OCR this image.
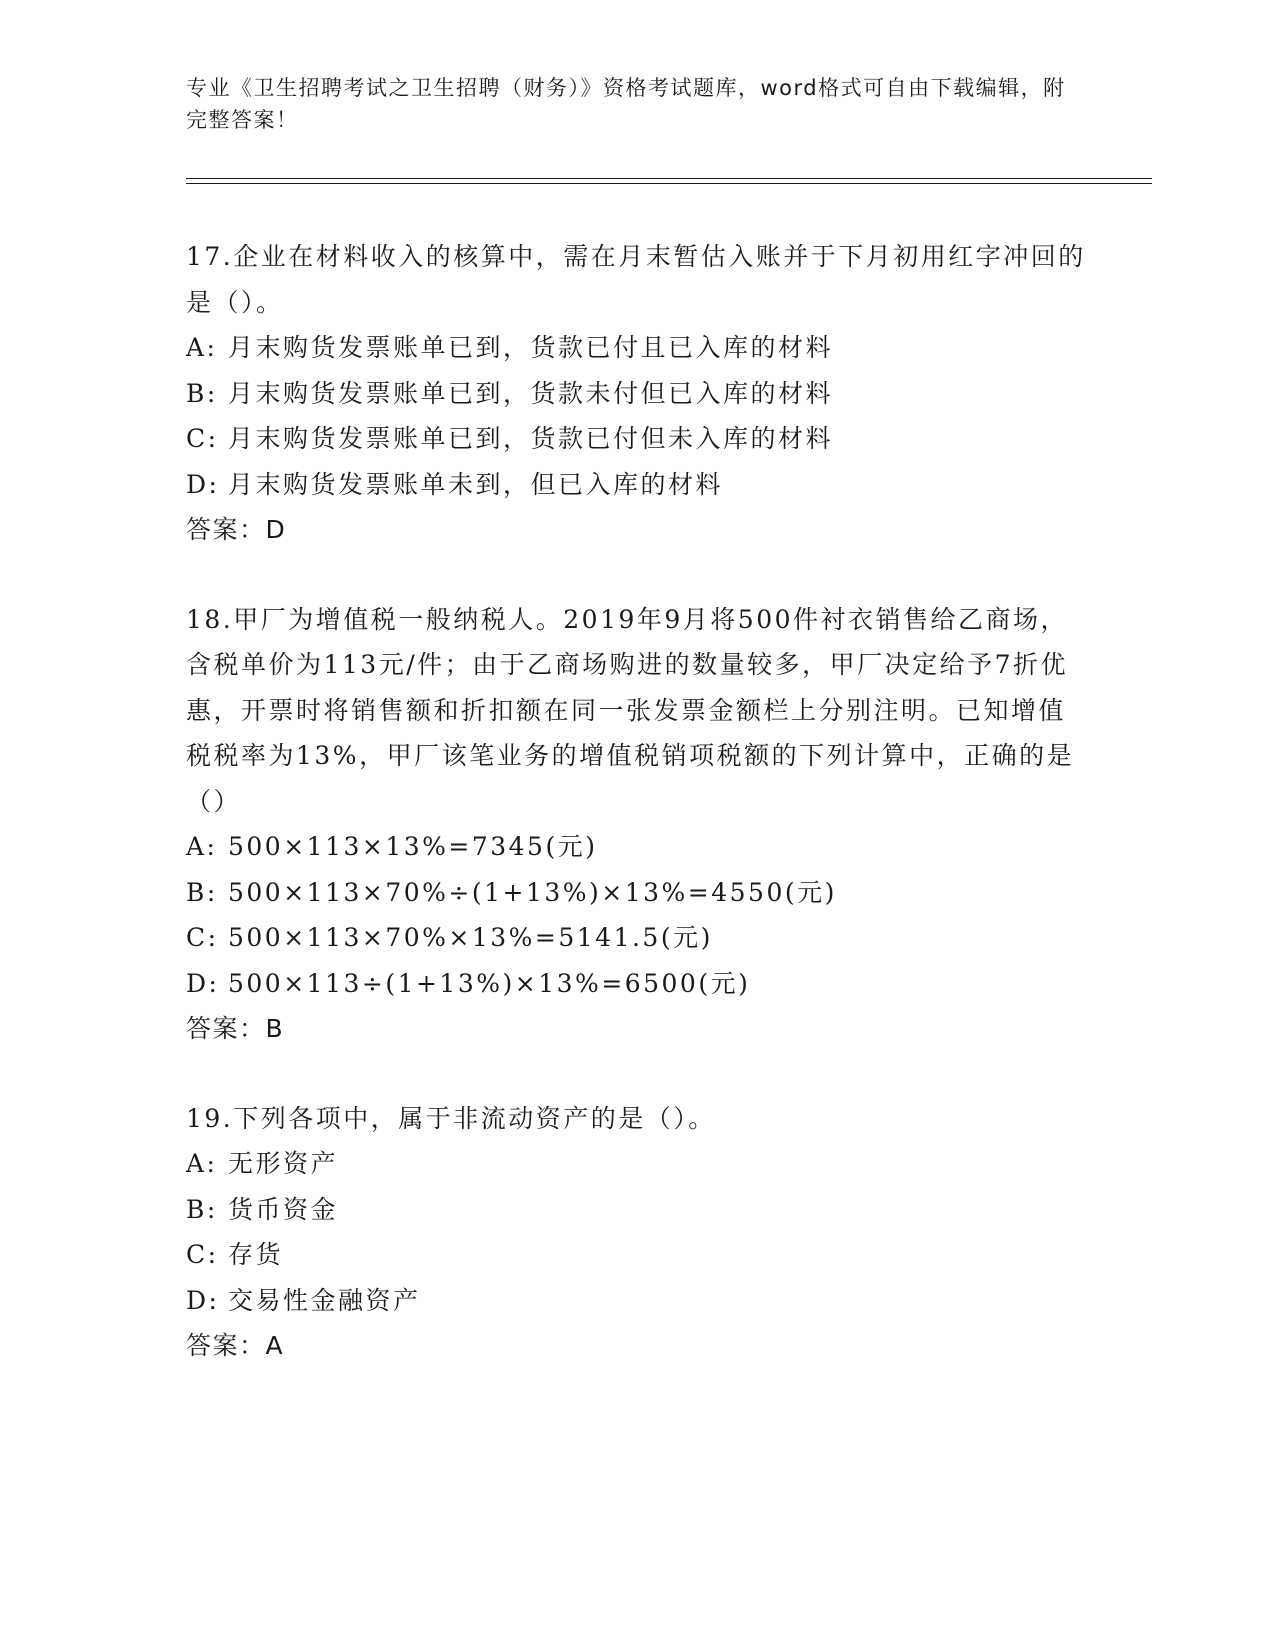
专业《卫生招聘考试之卫生招聘（财务）》资格考试题库，word格式可自由下载编辑，附完整答案！

17.企业在材料收入的核算中，需在月末暂估入账并于下月初用红字冲回的是（）。

A: 月末购货发票账单已到，货款已付且已入库的材料

B: 月末购货发票账单已到，货款未付但已入库的材料

C: 月末购货发票账单已到，货款已付但未入库的材料

D: 月末购货发票账单未到，但已入库的材料

答案：D

18.甲厂为增值税一般纳税人。2019年9月将500件衬衣销售给乙商场，含税单价为113元/件；由于乙商场购进的数量较多，甲厂决定给予7折优惠，开票时将销售额和折扣额在同一张发票金额栏上分别注明。已知增值税税率为13%，甲厂该笔业务的增值税销项税额的下列计算中，正确的是（）

A: 500×113×13%=7345(元)

B: 500×113×70%÷(1+13%)×13%=4550(元)

C: 500×113×70%×13%=5141.5(元)

D: 500×113÷(1+13%)×13%=6500(元)

答案：B

19.下列各项中，属于非流动资产的是（）。

A: 无形资产

B: 货币资金

C: 存货

D: 交易性金融资产

答案：A
